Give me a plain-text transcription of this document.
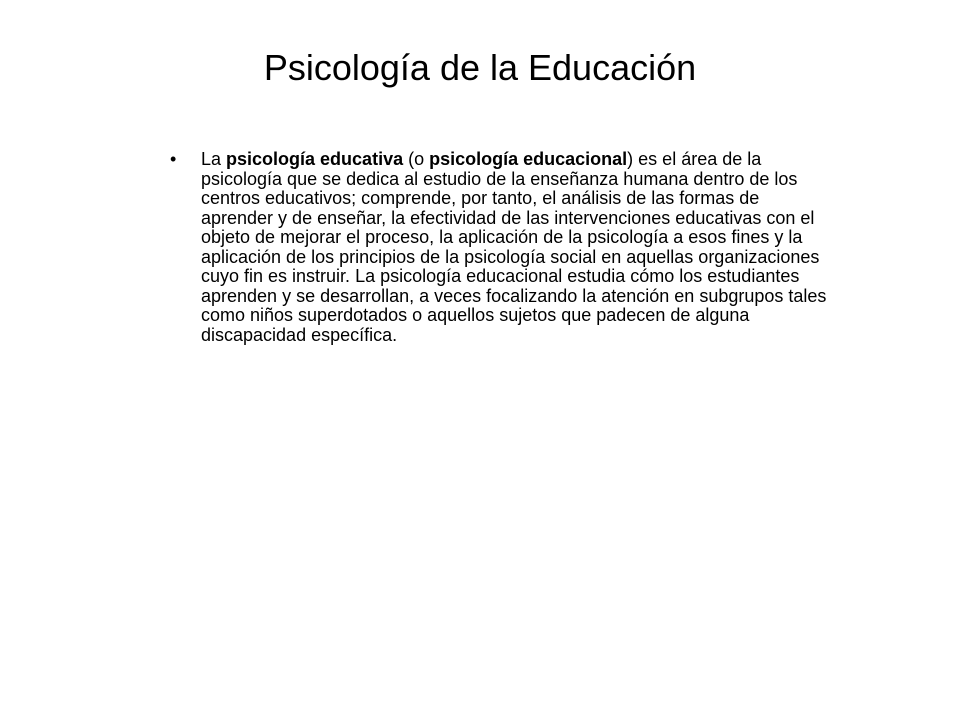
Psicología de la Educación
•	La psicología educativa (o psicología educacional) es el área de la psicología que se dedica al estudio de la enseñanza humana dentro de los centros educativos; comprende, por tanto, el análisis de las formas de aprender y de enseñar, la efectividad de las intervenciones educativas con el objeto de mejorar el proceso, la aplicación de la psicología a esos fines y la aplicación de los principios de la psicología social en aquellas organizaciones cuyo fin es instruir. La psicología educacional estudia cómo los estudiantes aprenden y se desarrollan, a veces focalizando la atención en subgrupos tales como niños superdotados o aquellos sujetos que padecen de alguna discapacidad específica.
